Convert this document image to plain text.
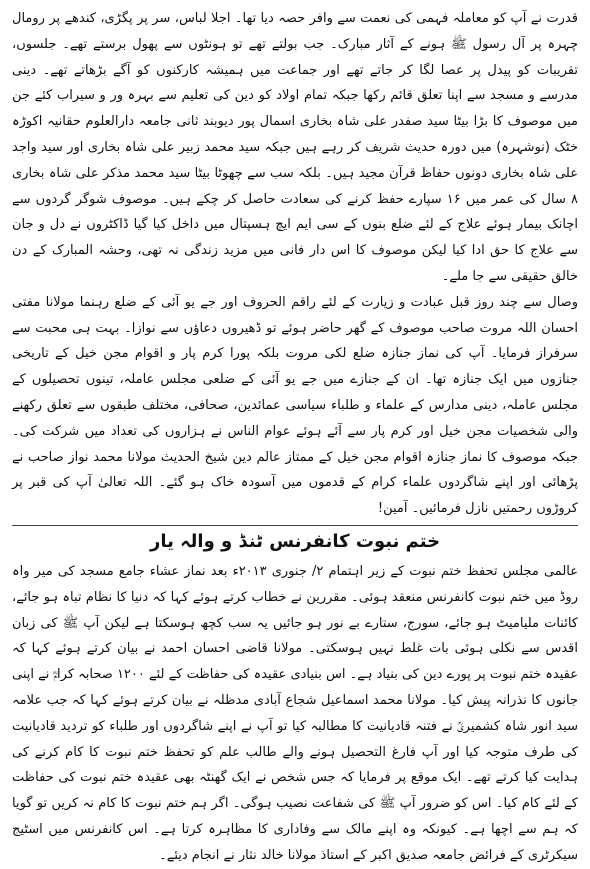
قدرت نے آپ کو معاملہ فہمی کی نعمت سے وافر حصہ دیا تھا۔ اجلا لباس، سر پر پگڑی، کندھے پر رومال چہرہ پر آل رسول ﷺ ہونے کے آثار مبارک۔ جب بولتے تھے تو ہونٹوں سے پھول برستے تھے۔ جلسوں، تقریبات کو پیدل پر عصا لگا کر جاتے تھے اور جماعت میں ہمیشہ کارکنوں کو آگے بڑھاتے تھے۔ دینی مدرسے و مسجد سے اپنا تعلق قائم رکھا جبکہ تمام اولاد کو دین کی تعلیم سے بہرہ ور و سیراب کئے جن میں موصوف کا بڑا بیٹا سید صفدر علی شاہ بخاری اسمال پور دیوبند ثانی جامعہ دارالعلوم حقانیہ اکوڑہ خٹک (نوشہرہ) میں دورہ حدیث شریف کر رہے ہیں جبکہ سید محمد زبیر علی شاہ بخاری اور سید واجد علی شاہ بخاری دونوں حفاظ قرآن مجید ہیں۔ بلکہ سب سے چھوٹا بیٹا سید محمد مذکر علی شاہ بخاری ۸ سال کی عمر میں ۱۶ سپارے حفظ کرنے کی سعادت حاصل کر چکے ہیں۔ موصوف شوگر گردوں سے اچانک بیمار ہوئے علاج کے لئے ضلع بنوں کے سی ایم ایچ ہسپتال میں داخل کیا گیا ڈاکٹروں نے دل و جان سے علاج کا حق ادا کیا لیکن موصوف کا اس دار فانی میں مزید زندگی نہ تھی، وحشہ المبارک کے دن خالق حقیقی سے جا ملے۔

وصال سے چند روز قبل عبادت و زیارت کے لئے راقم الحروف اور جے یو آئی کے ضلع رہنما مولانا مفتی احسان اللہ مروت صاحب موصوف کے گھر حاضر ہوئے تو ڈھیروں دعاؤں سے نوازا۔ بہت ہی محبت سے سرفراز فرمایا۔ آپ کی نماز جنازہ ضلع لکی مروت بلکہ پورا کرم پار و اقوام مجن خیل کے تاریخی جنازوں میں ایک جنازہ تھا۔ ان کے جنازے میں جے یو آئی کے ضلعی مجلس عاملہ، تینوں تحصیلوں کے مجلس عاملہ، دینی مدارس کے علماء و طلباء سیاسی عمائدین، صحافی، مختلف طبقوں سے تعلق رکھنے والی شخصیات مجن خیل اور کرم پار سے آئے ہوئے عوام الناس نے ہزاروں کی تعداد میں شرکت کی۔ جبکہ موصوف کا نماز جنازہ اقوام مجن خیل کے ممتاز عالم دین شیخ الحدیث مولانا محمد نواز صاحب نے پڑھائی اور اپنے شاگردوں علماء کرام کے قدموں میں آسودہ خاک ہو گئے۔ اللہ تعالیٰ آپ کی قبر پر کروڑوں رحمتیں نازل فرمائیں۔ آمین!

ختم نبوت کانفرنس ٹنڈ و والہ یار

عالمی مجلس تحفظ ختم نبوت کے زیر اہتمام ۲/ جنوری ۲۰۱۳ء بعد نماز عشاء جامع مسجد کی میر واہ روڈ میں ختم نبوت کانفرنس منعقد ہوئی۔ مقررین نے خطاب کرتے ہوئے کہا کہ دنیا کا نظام تباہ ہو جائے، کائنات ملیامیٹ ہو جائے، سورج، ستارے بے نور ہو جائیں یہ سب کچھ ہوسکتا ہے لیکن آپ ﷺ کی زبان اقدس سے نکلی ہوئی بات غلط نہیں ہوسکتی۔ مولانا قاضی احسان احمد نے بیان کرتے ہوئے کہا کہ عقیدہ ختم نبوت پر پورے دین کی بنیاد ہے۔ اس بنیادی عقیدہ کی حفاظت کے لئے ۱۲۰۰ صحابہ کرامؓ نے اپنی جانوں کا نذرانہ پیش کیا۔ مولانا محمد اسماعیل شجاع آبادی مدظلہ نے بیان کرتے ہوئے کہا کہ جب علامہ سید انور شاہ کشمیریؒ نے فتنہ قادیانیت کا مطالبہ کیا تو آپ نے اپنے شاگردوں اور طلباء کو تردید قادیانیت کی طرف متوجہ کیا اور آپ فارغ التحصیل ہونے والے طالب علم کو تحفظ ختم نبوت کا کام کرنے کی ہدایت کیا کرتے تھے۔ ایک موقع پر فرمایا کہ جس شخص نے ایک گھنٹہ بھی عقیدہ ختم نبوت کی حفاظت کے لئے کام کیا۔ اس کو ضرور آپ ﷺ کی شفاعت نصیب ہوگی۔ اگر ہم ختم نبوت کا کام نہ کریں تو گویا کہ ہم سے اچھا ہے۔ کیونکہ وہ اپنے مالک سے وفاداری کا مظاہرہ کرتا ہے۔ اس کانفرنس میں اسٹیج سیکرٹری کے فرائض جامعہ صدیق اکبر کے استاذ مولانا خالد نثار نے انجام دیئے۔
